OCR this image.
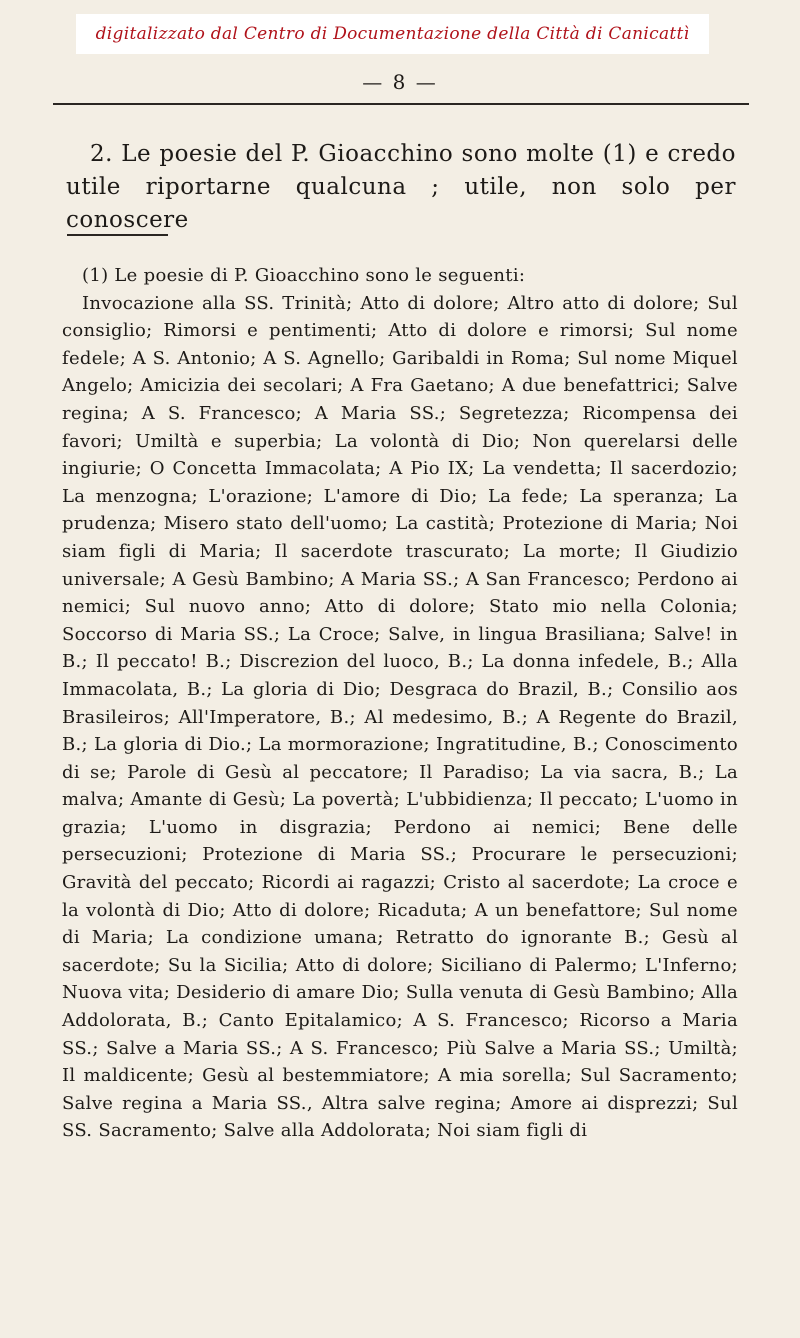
digitalizzato dal Centro di Documentazione della Città di Canicattì
— 8 —

2. Le poesie del P. Gioacchino sono molte (1) e credo utile riportarne qualcuna ; utile, non solo per conoscere

(1) Le poesie di P. Gioacchino sono le seguenti:
Invocazione alla SS. Trinità; Atto di dolore; Altro atto di dolore; Sul consiglio; Rimorsi e pentimenti; Atto di dolore e rimorsi; Sul nome fedele; A S. Antonio; A S. Agnello; Garibaldi in Roma; Sul nome Miquel Angelo; Amicizia dei secolari; A Fra Gaetano; A due benefattrici; Salve regina; A S. Francesco; A Maria SS.; Segretezza; Ricompensa dei favori; Umiltà e superbia; La volontà di Dio; Non querelarsi delle ingiurie; O Concetta Immacolata; A Pio IX; La vendetta; Il sacerdozio; La menzogna; L'orazione; L'amore di Dio; La fede; La speranza; La prudenza; Misero stato dell'uomo; La castità; Protezione di Maria; Noi siam figli di Maria; Il sacerdote trascurato; La morte; Il Giudizio universale; A Gesù Bambino; A Maria SS.; A San Francesco; Perdono ai nemici; Sul nuovo anno; Atto di dolore; Stato mio nella Colonia; Soccorso di Maria SS.; La Croce; Salve, in lingua Brasiliana; Salve! in B.; Il peccato! B.; Discrezion del luoco, B.; La donna infedele, B.; Alla Immacolata, B.; La gloria di Dio; Desgraca do Brazil, B.; Consilio aos Brasileiros; All'Imperatore, B.; Al medesimo, B.; A Regente do Brazil, B.; La gloria di Dio.; La mormorazione; Ingratitudine, B.; Conoscimento di se; Parole di Gesù al peccatore; Il Paradiso; La via sacra, B.; La malva; Amante di Gesù; La povertà; L'ubbidienza; Il peccato; L'uomo in grazia; L'uomo in disgrazia; Perdono ai nemici; Bene delle persecuzioni; Protezione di Maria SS.; Procurare le persecuzioni; Gravità del peccato; Ricordi ai ragazzi; Cristo al sacerdote; La croce e la volontà di Dio; Atto di dolore; Ricaduta; A un benefattore; Sul nome di Maria; La condizione umana; Retratto do ignorante B.; Gesù al sacerdote; Su la Sicilia; Atto di dolore; Siciliano di Palermo; L'Inferno; Nuova vita; Desiderio di amare Dio; Sulla venuta di Gesù Bambino; Alla Addolorata, B.; Canto Epitalamico; A S. Francesco; Ricorso a Maria SS.; Salve a Maria SS.; A S. Francesco; Più Salve a Maria SS.; Umiltà; Il maldicente; Gesù al bestemmiatore; A mia sorella; Sul Sacramento; Salve regina a Maria SS., Altra salve regina; Amore ai disprezzi; Sul SS. Sacramento; Salve alla Addolorata; Noi siam figli di
